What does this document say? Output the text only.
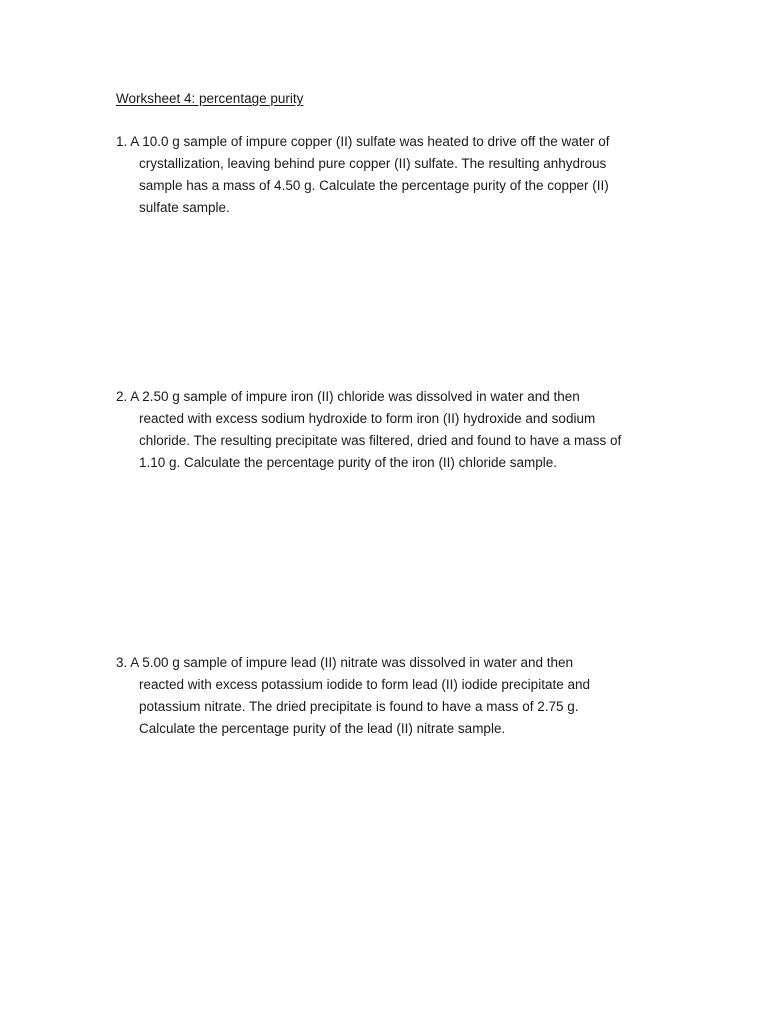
Worksheet 4: percentage purity
1. A 10.0 g sample of impure copper (II) sulfate was heated to drive off the water of
crystallization, leaving behind pure copper (II) sulfate. The resulting anhydrous
sample has a mass of 4.50 g. Calculate the percentage purity of the copper (II)
sulfate sample.
2. A 2.50 g sample of impure iron (II) chloride was dissolved in water and then
reacted with excess sodium hydroxide to form iron (II) hydroxide and sodium
chloride. The resulting precipitate was filtered, dried and found to have a mass of
1.10 g. Calculate the percentage purity of the iron (II) chloride sample.
3. A 5.00 g sample of impure lead (II) nitrate was dissolved in water and then
reacted with excess potassium iodide to form lead (II) iodide precipitate and
potassium nitrate. The dried precipitate is found to have a mass of 2.75 g.
Calculate the percentage purity of the lead (II) nitrate sample.
